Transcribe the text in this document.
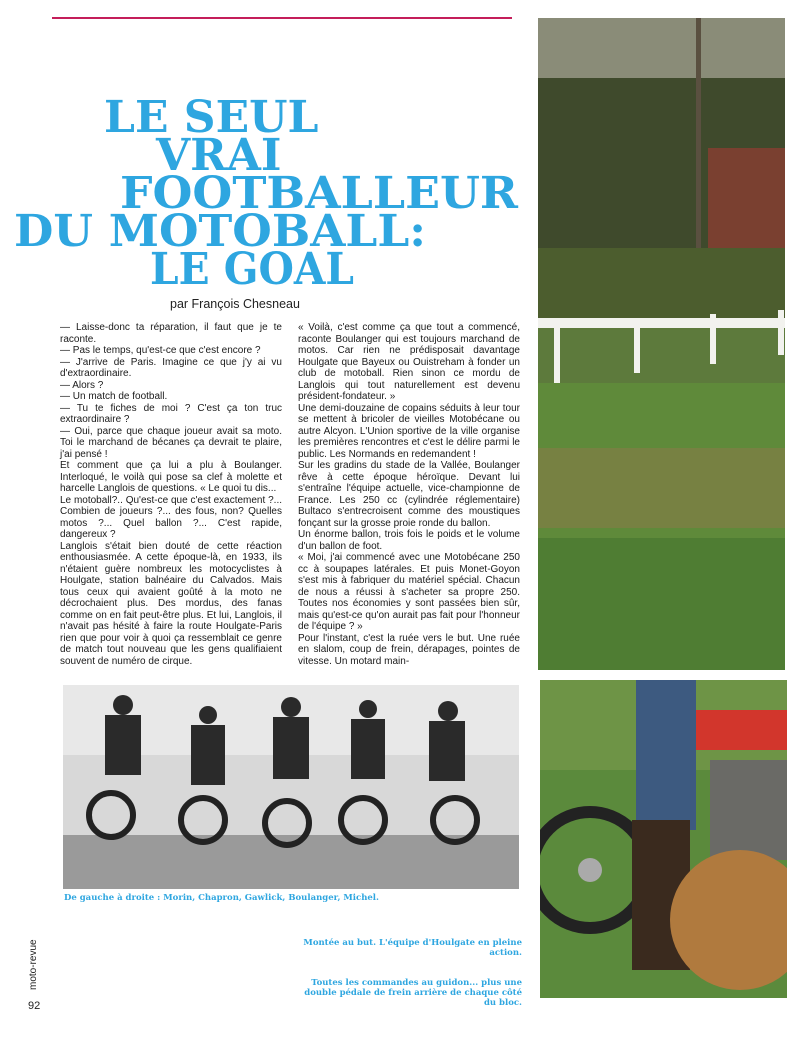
LE SEUL
VRAI
FOOTBALLEUR
DU MOTOBALL:
LE GOAL
par François Chesneau

— Laisse-donc ta réparation, il faut que je te raconte.

— Pas le temps, qu'est-ce que c'est encore ?

— J'arrive de Paris. Imagine ce que j'y ai vu d'extraordinaire.

— Alors ?

— Un match de football.

— Tu te fiches de moi ? C'est ça ton truc extraordinaire ?

— Oui, parce que chaque joueur avait sa moto. Toi le marchand de bécanes ça devrait te plaire, j'ai pensé !

Et comment que ça lui a plu à Boulanger. Interloqué, le voilà qui pose sa clef à molette et harcelle Langlois de questions. « Le quoi tu dis...

Le motoball?.. Qu'est-ce que c'est exactement ?... Combien de joueurs ?... des fous, non? Quelles motos ?... Quel ballon ?... C'est rapide, dangereux ?

Langlois s'était bien douté de cette réaction enthousiasmée. A cette époque-là, en 1933, ils n'étaient guère nombreux les motocyclistes à Houlgate, station balnéaire du Calvados. Mais tous ceux qui avaient goûté à la moto ne décrochaient plus. Des mordus, des fanas comme on en fait peut-être plus. Et lui, Langlois, il n'avait pas hésité à faire la route Houlgate-Paris rien que pour voir à quoi ça ressemblait ce genre de match tout nouveau que les gens qualifiaient souvent de numéro de cirque.

« Voilà, c'est comme ça que tout a commencé, raconte Boulanger qui est toujours marchand de motos. Car rien ne prédisposait davantage Houlgate que Bayeux ou Ouistreham à fonder un club de motoball. Rien sinon ce mordu de Langlois qui tout naturellement est devenu président-fondateur. »

Une demi-douzaine de copains séduits à leur tour se mettent à bricoler de vieilles Motobécane ou autre Alcyon. L'Union sportive de la ville organise les premières rencontres et c'est le délire parmi le public. Les Normands en redemandent !

Sur les gradins du stade de la Vallée, Boulanger rêve à cette époque héroïque. Devant lui s'entraîne l'équipe actuelle, vice-championne de France. Les 250 cc (cylindrée réglementaire) Bultaco s'entrecroisent comme des moustiques fonçant sur la grosse proie ronde du ballon.

Un énorme ballon, trois fois le poids et le volume d'un ballon de foot.

« Moi, j'ai commencé avec une Motobécane 250 cc à soupapes latérales. Et puis Monet-Goyon s'est mis à fabriquer du matériel spécial. Chacun de nous a réussi à s'acheter sa propre 250. Toutes nos économies y sont passées bien sûr, mais qu'est-ce qu'on aurait pas fait pour l'honneur de l'équipe ? »

Pour l'instant, c'est la ruée vers le but. Une ruée en slalom, coup de frein, dérapages, pointes de vitesse. Un motard main-

De gauche à droite : Morin, Chapron, Gawlick, Boulanger, Michel.
Montée au but. L'équipe d'Houlgate en pleine action.
Toutes les commandes au guidon... plus une double pédale de frein arrière de chaque côté du bloc.
moto-revue
92
